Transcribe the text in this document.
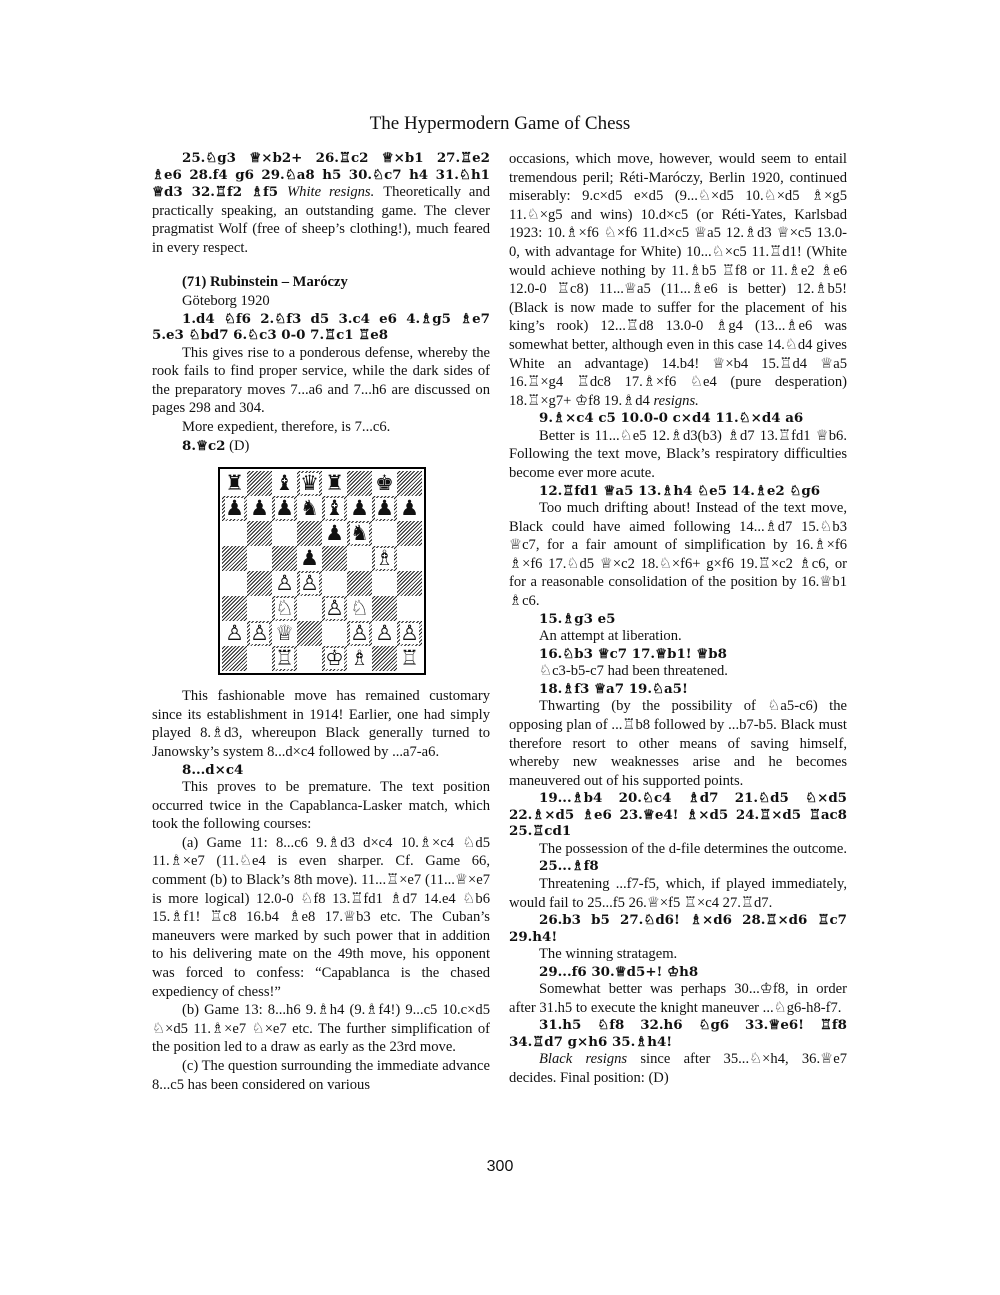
The Hypermodern Game of Chess

25.♘g3 ♕×b2+ 26.♖c2 ♕×b1 27.♖e2 ♗e6 28.f4 g6 29.♘a8 h5 30.♘c7 h4 31.♘h1 ♕d3 32.♖f2 ♗f5 White resigns. Theoretically and practically speaking, an outstanding game. The clever pragmatist Wolf (free of sheep’s clothing!), much feared in every respect.

(71) Rubinstein – Maróczy

Göteborg 1920

1.d4 ♘f6 2.♘f3 d5 3.c4 e6 4.♗g5 ♗e7 5.e3 ♘bd7 6.♘c3 0-0 7.♖c1 ♖e8

This gives rise to a ponderous defense, whereby the rook fails to find proper service, while the dark sides of the preparatory moves 7...a6 and 7...h6 are discussed on pages 298 and 304.

More expedient, therefore, is 7...c6.

8.♕c2 (D)

♜ ♝ ♛ ♜ ♚
♟ ♟ ♟ ♞ ♝ ♟ ♟ ♟
♟ ♞
♟	♗
♙ ♙
♘ ♙ ♘
♙ ♙ ♕	♙ ♙ ♙
♖ ♔ ♗ ♖

This fashionable move has remained customary since its establishment in 1914! Earlier, one had simply played 8.♗d3, whereupon Black generally turned to Janowsky’s system 8...d×c4 followed by ...a7-a6.

8...d×c4

This proves to be premature. The text position occurred twice in the Capablanca-Lasker match, which took the following courses:

(a) Game 11: 8...c6 9.♗d3 d×c4 10.♗×c4 ♘d5 11.♗×e7 (11.♘e4 is even sharper. Cf. Game 66, comment (b) to Black’s 8th move). 11...♖×e7 (11...♕×e7 is more logical) 12.0-0 ♘f8 13.♖fd1 ♗d7 14.e4 ♘b6 15.♗f1! ♖c8 16.b4 ♗e8 17.♕b3 etc. The Cuban’s maneuvers were marked by such power that in addition to his delivering mate on the 49th move, his opponent was forced to confess: “Capablanca is the chased expediency of chess!”

(b) Game 13: 8...h6 9.♗h4 (9.♗f4!) 9...c5 10.c×d5 ♘×d5 11.♗×e7 ♘×e7 etc. The further simplification of the position led to a draw as early as the 23rd move.

(c) The question surrounding the immediate advance 8...c5 has been considered on various

occasions, which move, however, would seem to entail tremendous peril; Réti-Maróczy, Berlin 1920, continued miserably: 9.c×d5 e×d5 (9...♘×d5 10.♘×d5 ♗×g5 11.♘×g5 and wins) 10.d×c5 (or Réti-Yates, Karlsbad 1923: 10.♗×f6 ♘×f6 11.d×c5 ♕a5 12.♗d3 ♕×c5 13.0-0, with advantage for White) 10...♘×c5 11.♖d1! (White would achieve nothing by 11.♗b5 ♖f8 or 11.♗e2 ♗e6 12.0-0 ♖c8) 11...♕a5 (11...♗e6 is better) 12.♗b5! (Black is now made to suffer for the placement of his king’s rook) 12...♖d8 13.0-0 ♗g4 (13...♗e6 was somewhat better, although even in this case 14.♘d4 gives White an advantage) 14.b4! ♕×b4 15.♖d4 ♕a5 16.♖×g4 ♖dc8 17.♗×f6 ♘e4 (pure desperation) 18.♖×g7+ ♔f8 19.♗d4 resigns.

9.♗×c4 c5 10.0-0 c×d4 11.♘×d4 a6

Better is 11...♘e5 12.♗d3(b3) ♗d7 13.♖fd1 ♕b6. Following the text move, Black’s respiratory difficulties become ever more acute.

12.♖fd1 ♕a5 13.♗h4 ♘e5 14.♗e2 ♘g6

Too much drifting about! Instead of the text move, Black could have aimed following 14...♗d7 15.♘b3 ♕c7, for a fair amount of simplification by 16.♗×f6 ♗×f6 17.♘d5 ♕×c2 18.♘×f6+ g×f6 19.♖×c2 ♗c6, or for a reasonable consolidation of the position by 16.♕b1 ♗c6.

15.♗g3 e5

An attempt at liberation.

16.♘b3 ♕c7 17.♕b1! ♕b8

♘c3-b5-c7 had been threatened.

18.♗f3 ♕a7 19.♘a5!

Thwarting (by the possibility of ♘a5-c6) the opposing plan of ...♖b8 followed by ...b7-b5. Black must therefore resort to other means of saving himself, whereby new weaknesses arise and he becomes maneuvered out of his supported points.

19...♗b4 20.♘c4 ♗d7 21.♘d5 ♘×d5 22.♗×d5 ♗e6 23.♕e4! ♗×d5 24.♖×d5 ♖ac8 25.♖cd1

The possession of the d-file determines the outcome.

25...♗f8

Threatening ...f7-f5, which, if played immediately, would fail to 25...f5 26.♕×f5 ♖×c4 27.♖d7.

26.b3 b5 27.♘d6! ♗×d6 28.♖×d6 ♖c7 29.h4!

The winning stratagem.

29...f6 30.♕d5+! ♔h8

Somewhat better was perhaps 30...♔f8, in order after 31.h5 to execute the knight maneuver ...♘g6-h8-f7.

31.h5 ♘f8 32.h6 ♘g6 33.♕e6! ♖f8 34.♖d7 g×h6 35.♗h4!

Black resigns since after 35...♘×h4, 36.♕e7 decides. Final position: (D)

300
